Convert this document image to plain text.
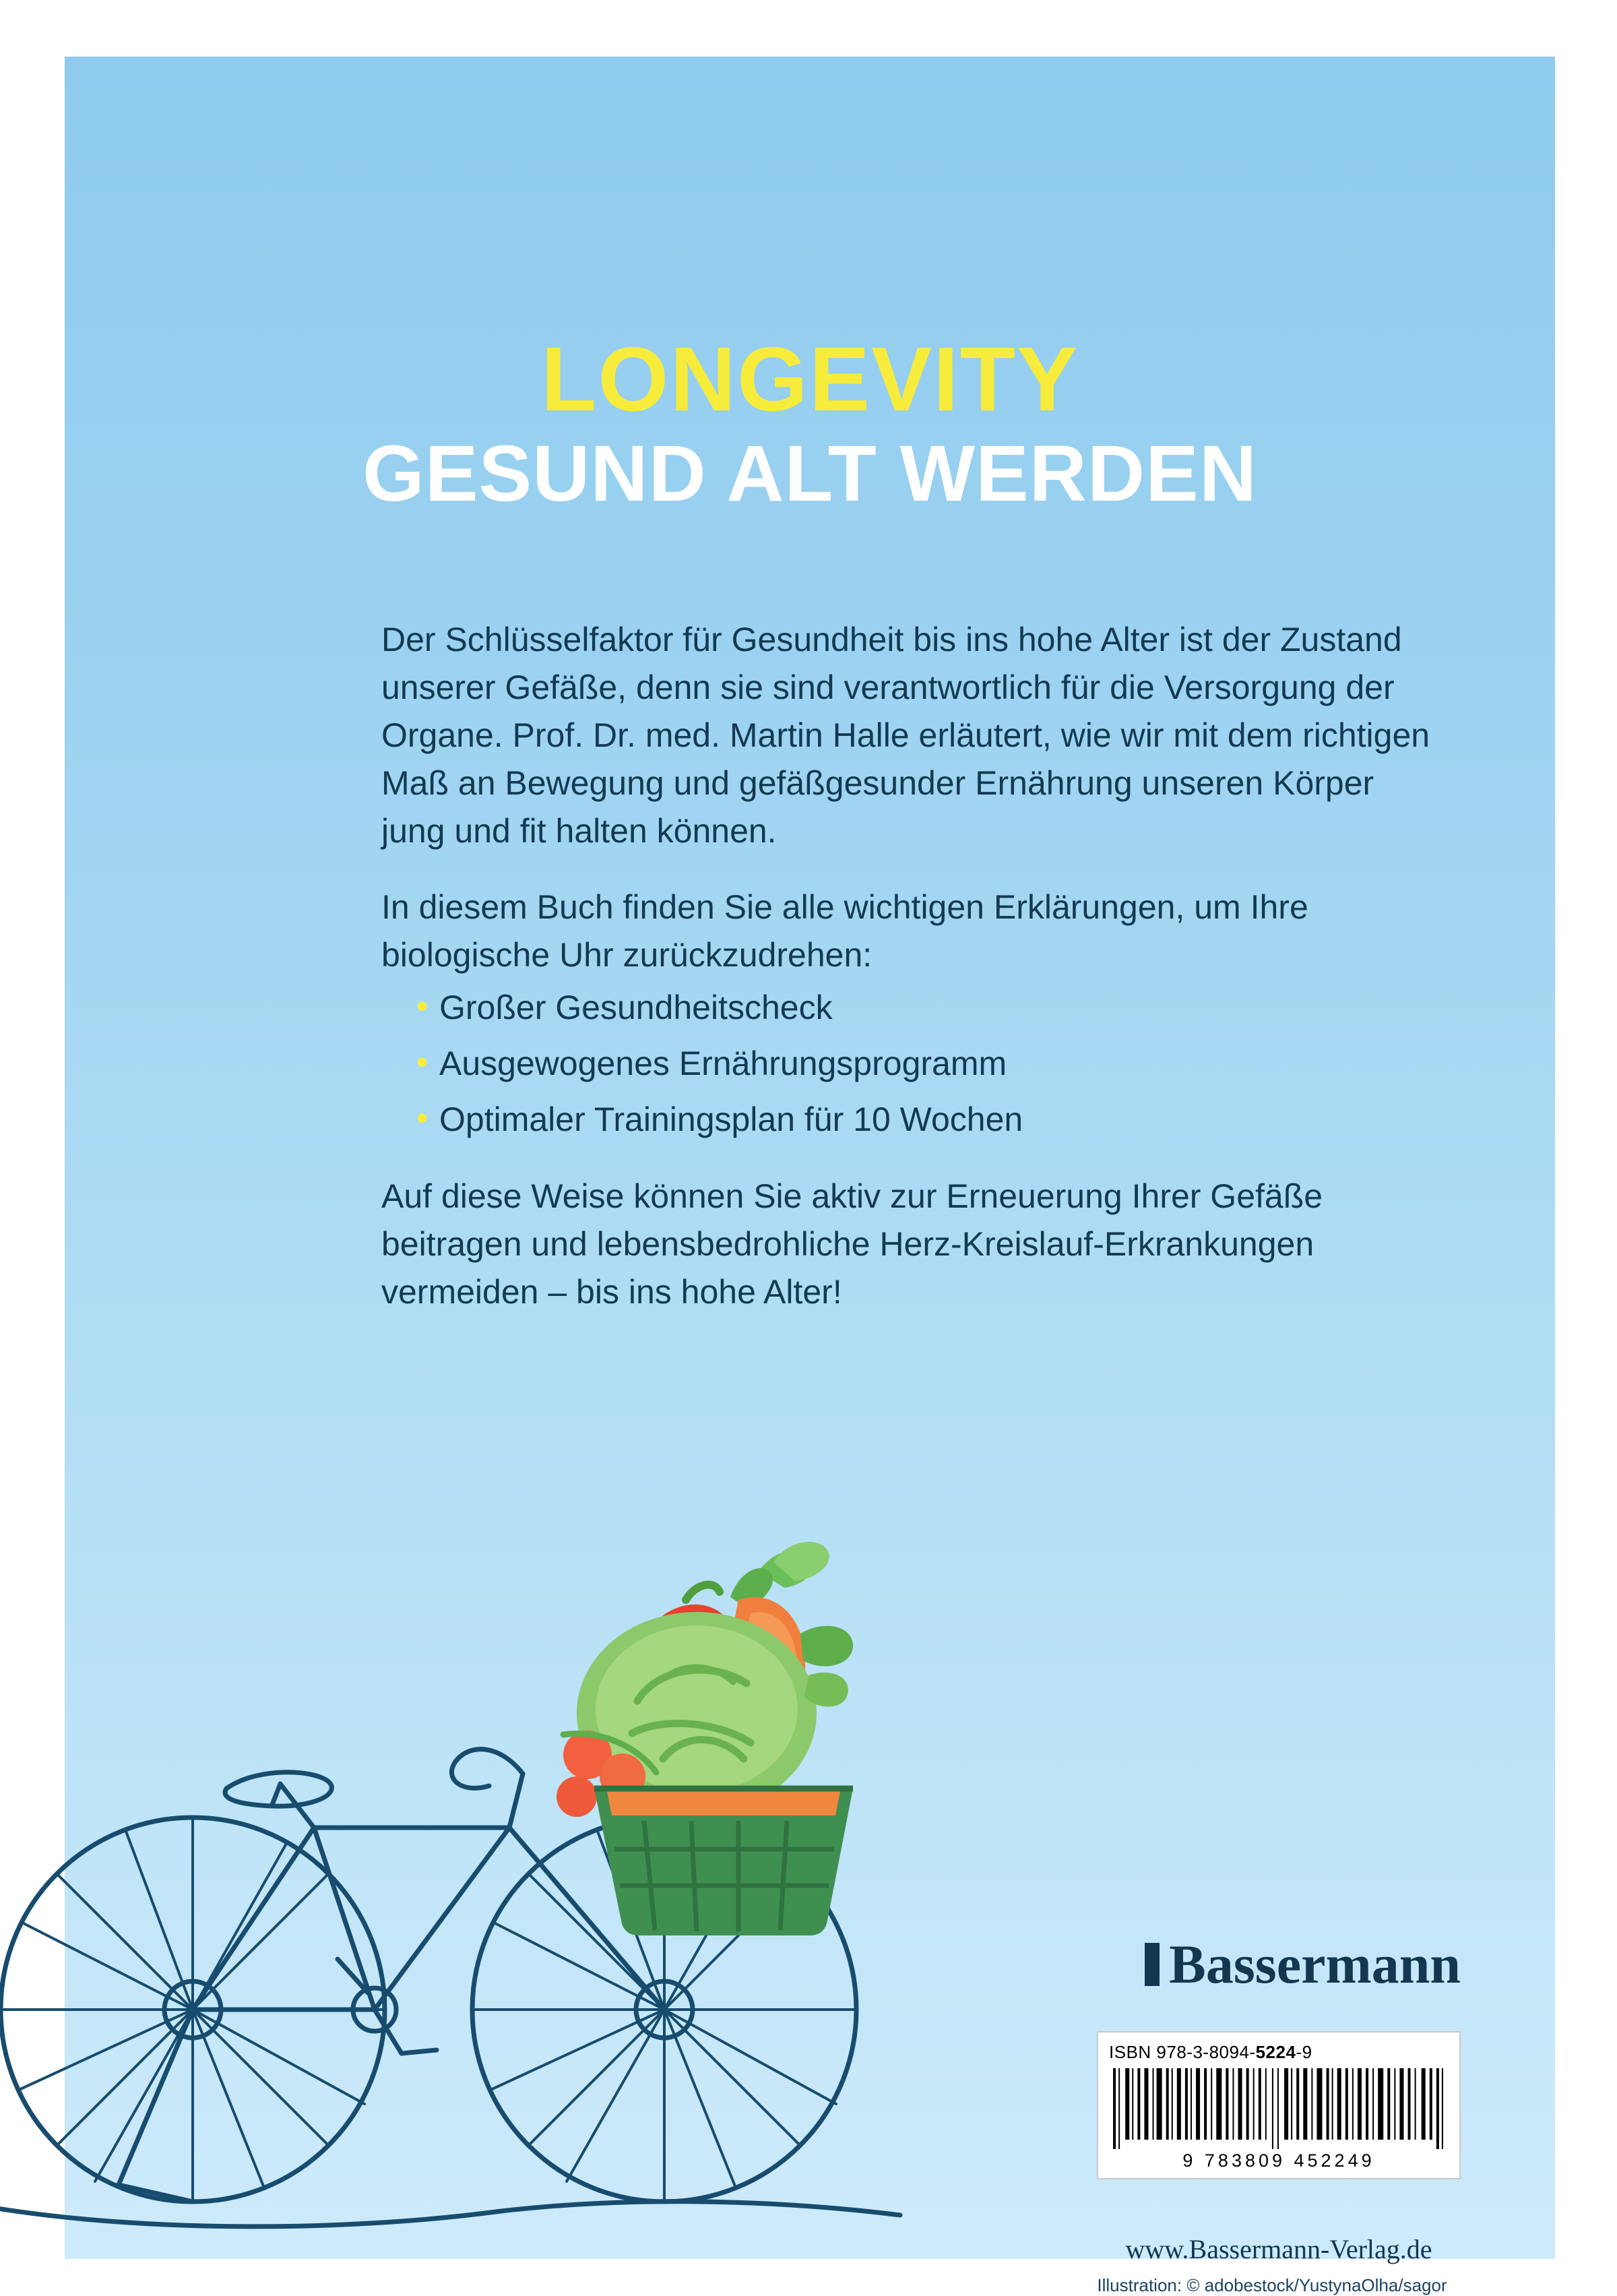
LONGEVITY
GESUND ALT WERDEN

Der Schlüsselfaktor für Gesundheit bis ins hohe Alter ist der Zustand unserer Gefäße, denn sie sind verantwortlich für die Versorgung der Organe. Prof. Dr. med. Martin Halle erläutert, wie wir mit dem richtigen Maß an Bewegung und gefäßgesunder Ernährung unseren Körper jung und fit halten können.

In diesem Buch finden Sie alle wichtigen Erklärungen, um Ihre biologische Uhr zurückzudrehen:

• Großer Gesundheitscheck
• Ausgewogenes Ernährungsprogramm
• Optimaler Trainingsplan für 10 Wochen

Auf diese Weise können Sie aktiv zur Erneuerung Ihrer Gefäße beitragen und lebensbedrohliche Herz-Kreislauf-Erkrankungen vermeiden – bis ins hohe Alter!

Bassermann
ISBN 978-3-8094-5224-9
9 783809 452249
www.Bassermann-Verlag.de
Illustration: © adobestock/YustynaOlha/sagor
